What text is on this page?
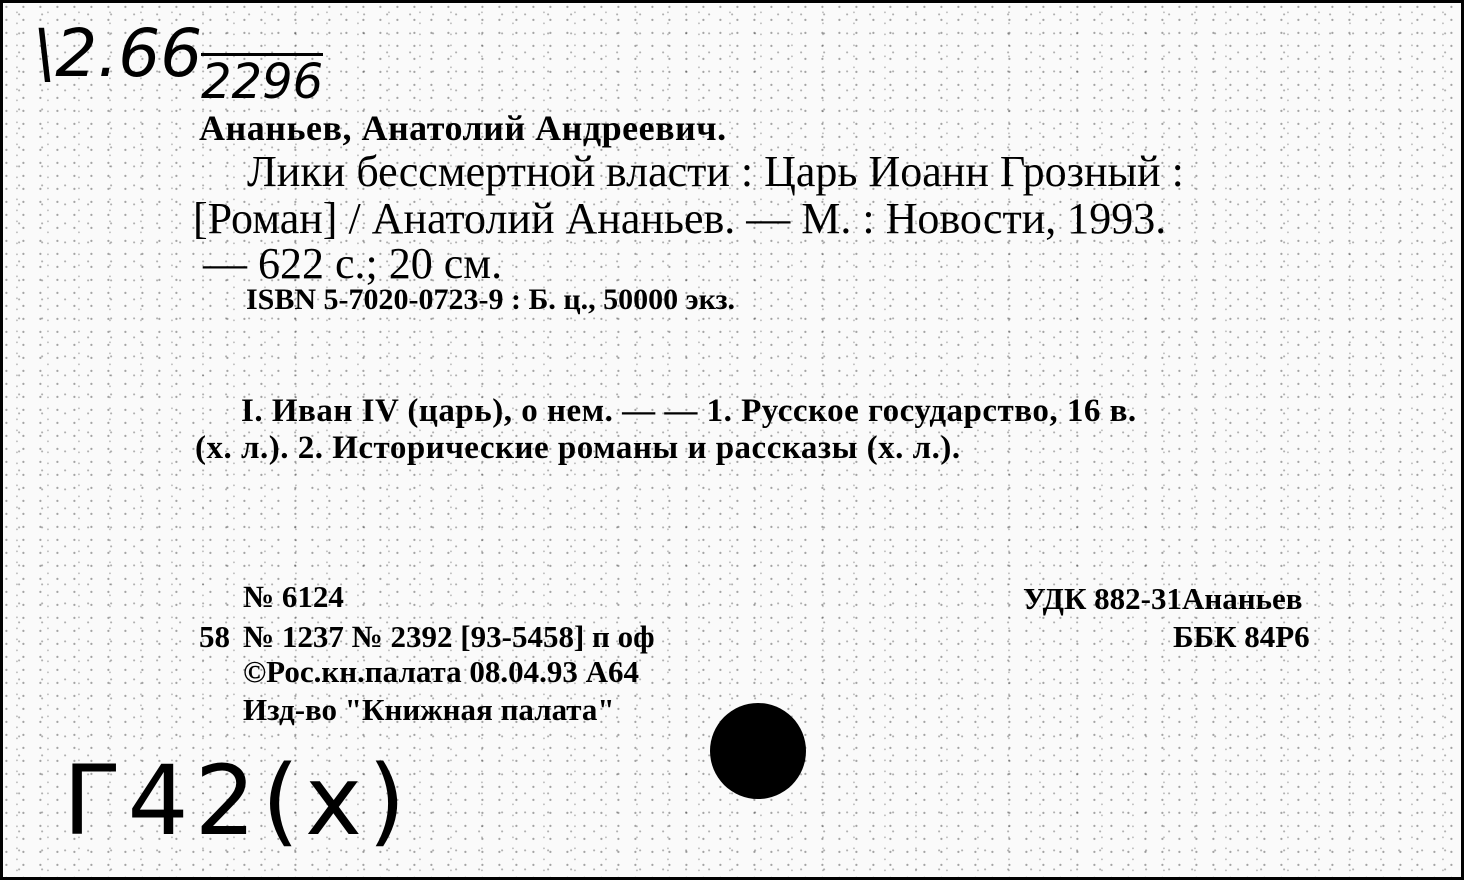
\2.66
2296
Ананьев, Анатолий Андреевич.
Лики бессмертной власти : Царь Иоанн Грозный :
[Роман] / Анатолий Ананьев. — М. : Новости, 1993.
— 622 с.; 20 см.
ISBN 5-7020-0723-9 : Б. ц., 50000 экз.
I. Иван IV (царь), о нем. — — 1. Русское государство, 16 в.
(х. л.). 2. Исторические романы и рассказы (х. л.).
№ 6124
58 № 1237 № 2392 [93-5458] п оф
©Рос.кн.палата 08.04.93 А64
Изд-во "Книжная палата"
УДК 882-31Ананьев
ББК 84Р6
Г42(х)
